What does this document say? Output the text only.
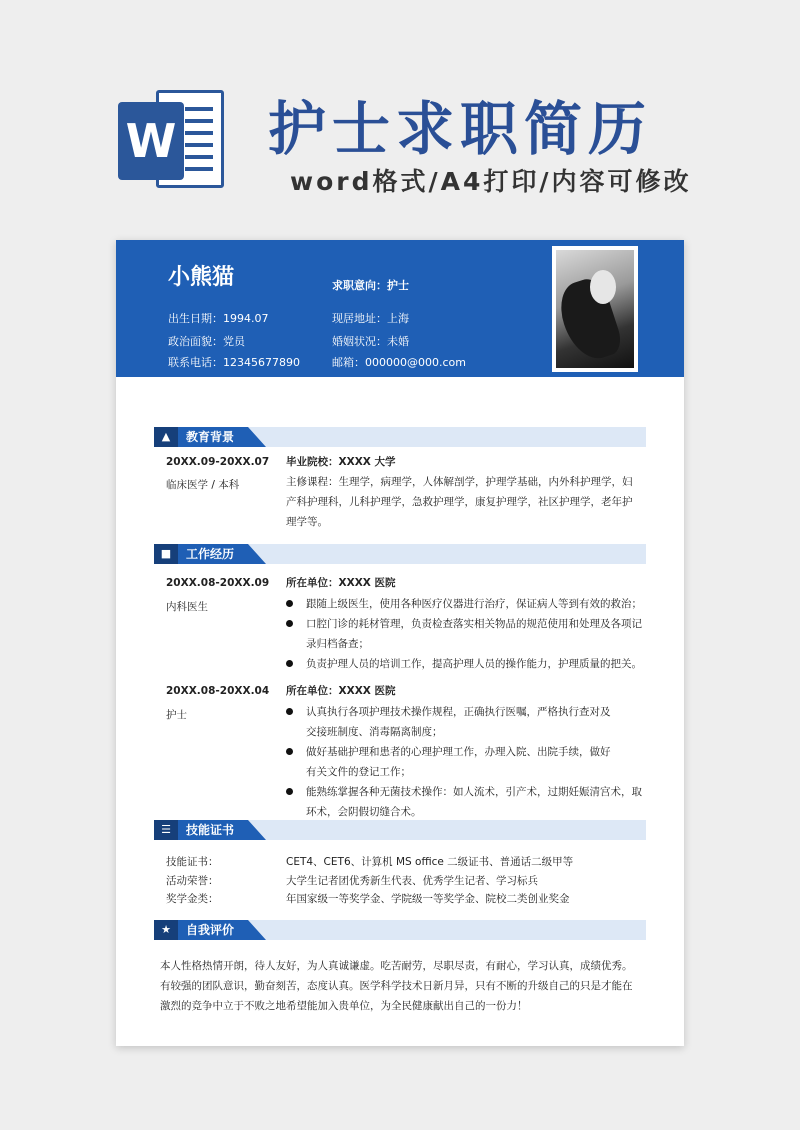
W 护士求职简历
word格式/A4打印/内容可修改
小熊猫
出生日期：1994.07
政治面貌：党员
联系电话：12345677890
求职意向：护士
现居地址：上海
婚姻状况：未婚
邮箱：000000@000.com
▲	教育背景
20XX.09-20XX.07
临床医学 / 本科
毕业院校：XXXX 大学
主修课程：生理学，病理学，人体解剖学，护理学基础，内外科护理学，妇
产科护理科，儿科护理学，急救护理学，康复护理学，社区护理学，老年护
理学等。
■	工作经历
20XX.08-20XX.09
内科医生
所在单位：XXXX 医院
跟随上级医生，使用各种医疗仪器进行治疗，保证病人等到有效的救治；
口腔门诊的耗材管理，负责检查落实相关物品的规范使用和处理及各项记
录归档备查；
负责护理人员的培训工作，提高护理人员的操作能力，护理质量的把关。
20XX.08-20XX.04
护士
所在单位：XXXX 医院
认真执行各项护理技术操作规程，正确执行医嘱，严格执行查对及
交接班制度、消毒隔离制度；
做好基础护理和患者的心理护理工作，办理入院、出院手续，做好
有关文件的登记工作；
能熟练掌握各种无菌技术操作：如人流术，引产术，过期妊娠清宫术，取
环术，会阴假切缝合术。
☰	技能证书
技能证书：	CET4、CET6、计算机 MS office 二级证书、普通话二级甲等
活动荣誉：	大学生记者团优秀新生代表、优秀学生记者、学习标兵
奖学金类：	年国家级一等奖学金、学院级一等奖学金、院校二类创业奖金
★	自我评价
本人性格热情开朗，待人友好，为人真诚谦虚。吃苦耐劳，尽职尽责，有耐心，学习认真，成绩优秀。
有较强的团队意识，勤奋刻苦，态度认真。医学科学技术日新月异，只有不断的升级自己的只是才能在
激烈的竞争中立于不败之地希望能加入贵单位，为全民健康献出自己的一份力！
